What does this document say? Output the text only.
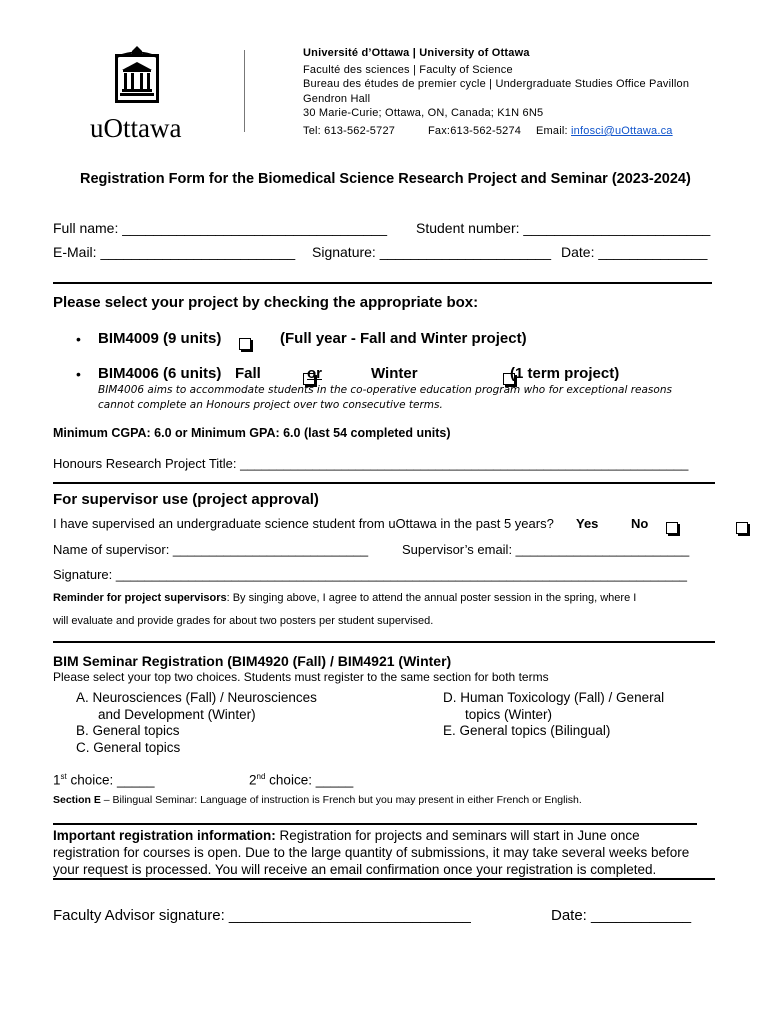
uOttawa
Université d’Ottawa | University of Ottawa
Faculté des sciences | Faculty of Science
Bureau des études de premier cycle | Undergraduate Studies Office Pavillon
Gendron Hall
30 Marie-Curie; Ottawa, ON, Canada; K1N 6N5
Tel: 613-562-5727	Fax:613-562-5274 Email: infosci@uOttawa.ca
Registration Form for the Biomedical Science Research Project and Seminar (2023-2024)
Full name: __________________________________ Student number: ________________________
E-Mail: _________________________ Signature: ______________________ Date: ______________
Please select your project by checking the appropriate box:
• BIM4009 (9 units)
	(Full year - Fall and Winter project)
• BIM4006 (6 units) Fall
	or	Winter
	(1 term project)
BIM4006 aims to accommodate students in the co-operative education program who for exceptional reasons
cannot complete an Honours project over two consecutive terms.
Minimum CGPA: 6.0 or Minimum GPA: 6.0 (last 54 completed units)
Honours Research Project Title: ______________________________________________________________
For supervisor use (project approval)
I have supervised an undergraduate science student from uOttawa in the past 5 years? Yes
	No
Name of supervisor: ___________________________	Supervisor’s email: ________________________
Signature: _______________________________________________________________________________
Reminder for project supervisors: By singing above, I agree to attend the annual poster session in the spring, where I
will evaluate and provide grades for about two posters per student supervised.
BIM Seminar Registration (BIM4920 (Fall) / BIM4921 (Winter)
Please select your top two choices. Students must register to the same section for both terms
A. Neurosciences (Fall) / Neurosciences
and Development (Winter)
B. General topics
C. General topics
D. Human Toxicology (Fall) / General
topics (Winter)
E. General topics (Bilingual)
1st choice: _____	2nd choice: _____
Section E – Bilingual Seminar: Language of instruction is French but you may present in either French or English.
Important registration information: Registration for projects and seminars will start in June once
registration for courses is open. Due to the large quantity of submissions, it may take several weeks before
your request is processed. You will receive an email confirmation once your registration is completed.
Faculty Advisor signature: _____________________________	Date: ____________
